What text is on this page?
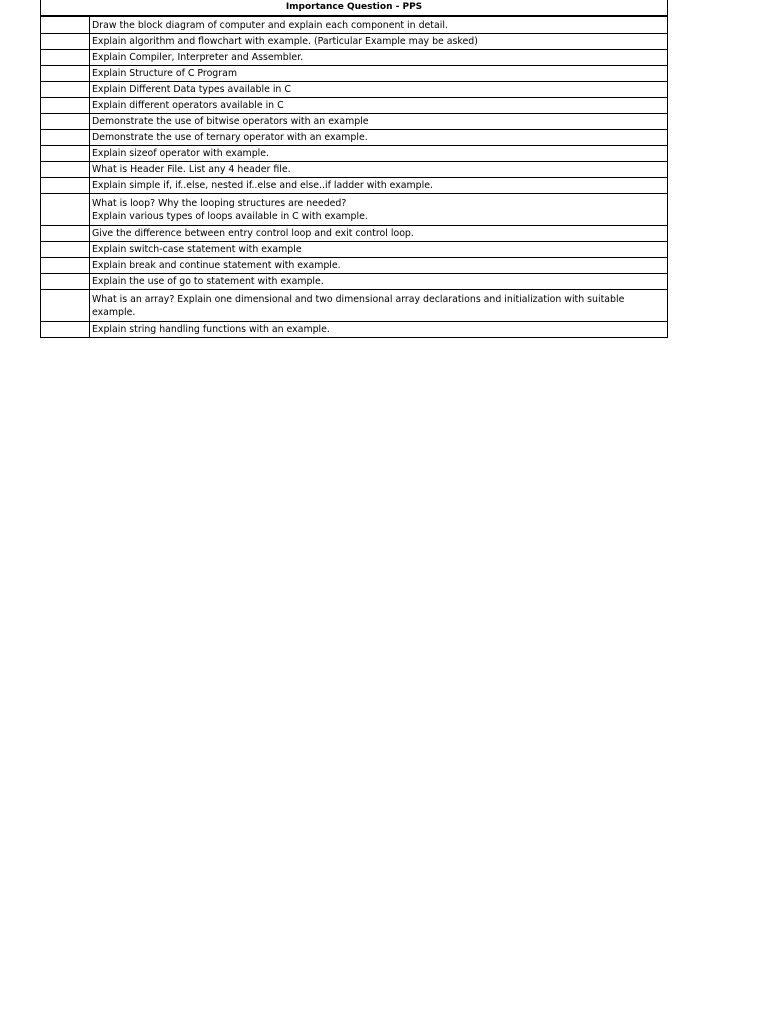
Importance Question - PPS
	Draw the block diagram of computer and explain each component in detail.
	Explain algorithm and flowchart with example. (Particular Example may be asked)
	Explain Compiler, Interpreter and Assembler.
	Explain Structure of C Program
	Explain Different Data types available in C
	Explain different operators available in C
	Demonstrate the use of bitwise operators with an example
	Demonstrate the use of ternary operator with an example.
	Explain sizeof operator with example.
	What is Header File. List any 4 header file.
	Explain simple if, if..else, nested if..else and else..if ladder with example.
	What is loop? Why the looping structures are needed?
Explain various types of loops available in C with example.
	Give the difference between entry control loop and exit control loop.
	Explain switch-case statement with example
	Explain break and continue statement with example.
	Explain the use of go to statement with example.
	What is an array? Explain one dimensional and two dimensional array declarations and initialization with suitable example.
	Explain string handling functions with an example.
